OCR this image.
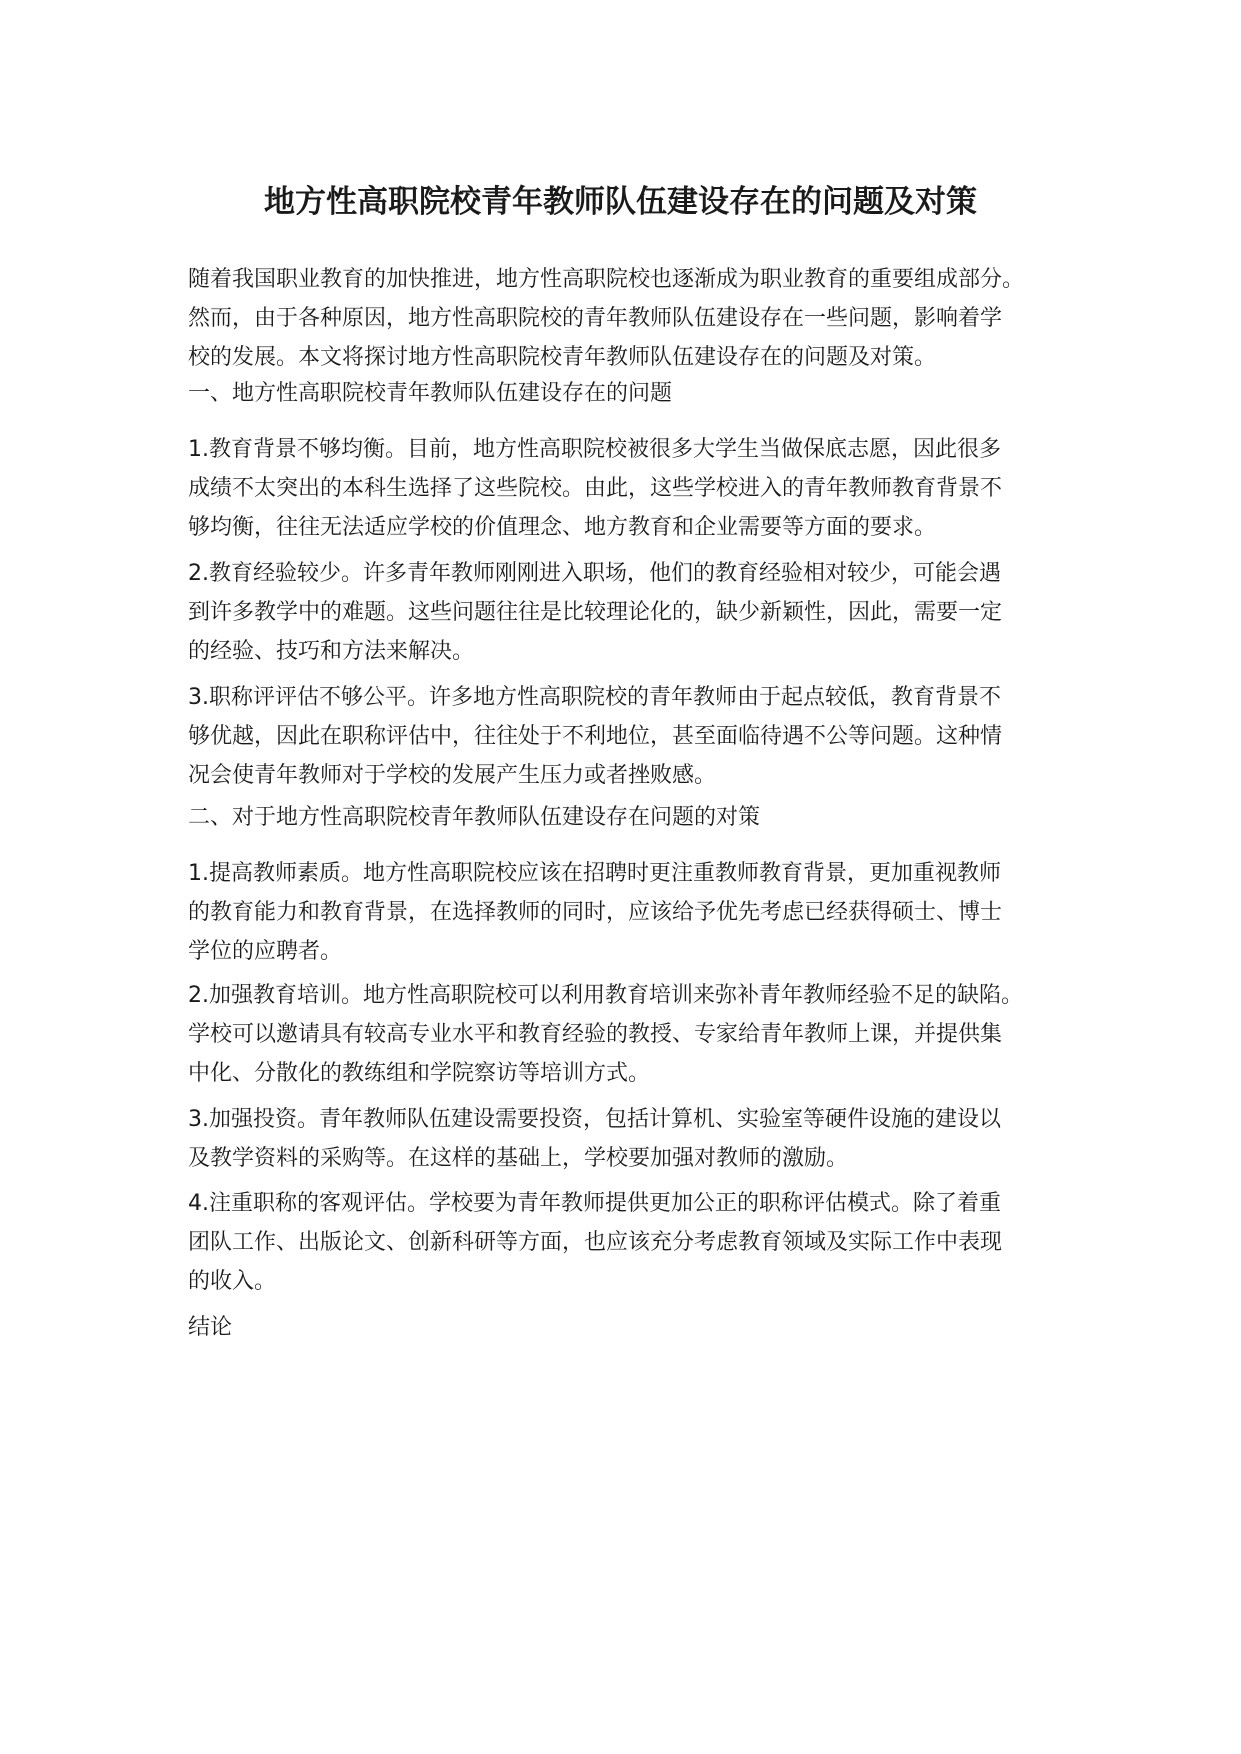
地方性高职院校青年教师队伍建设存在的问题及对策
随着我国职业教育的加快推进，地方性高职院校也逐渐成为职业教育的重要组成部分。
然而，由于各种原因，地方性高职院校的青年教师队伍建设存在一些问题，影响着学
校的发展。本文将探讨地方性高职院校青年教师队伍建设存在的问题及对策。
一、地方性高职院校青年教师队伍建设存在的问题
1.教育背景不够均衡。目前，地方性高职院校被很多大学生当做保底志愿，因此很多
成绩不太突出的本科生选择了这些院校。由此，这些学校进入的青年教师教育背景不
够均衡，往往无法适应学校的价值理念、地方教育和企业需要等方面的要求。
2.教育经验较少。许多青年教师刚刚进入职场，他们的教育经验相对较少，可能会遇
到许多教学中的难题。这些问题往往是比较理论化的，缺少新颖性，因此，需要一定
的经验、技巧和方法来解决。
3.职称评评估不够公平。许多地方性高职院校的青年教师由于起点较低，教育背景不
够优越，因此在职称评估中，往往处于不利地位，甚至面临待遇不公等问题。这种情
况会使青年教师对于学校的发展产生压力或者挫败感。
二、对于地方性高职院校青年教师队伍建设存在问题的对策
1.提高教师素质。地方性高职院校应该在招聘时更注重教师教育背景，更加重视教师
的教育能力和教育背景，在选择教师的同时，应该给予优先考虑已经获得硕士、博士
学位的应聘者。
2.加强教育培训。地方性高职院校可以利用教育培训来弥补青年教师经验不足的缺陷。
学校可以邀请具有较高专业水平和教育经验的教授、专家给青年教师上课，并提供集
中化、分散化的教练组和学院察访等培训方式。
3.加强投资。青年教师队伍建设需要投资，包括计算机、实验室等硬件设施的建设以
及教学资料的采购等。在这样的基础上，学校要加强对教师的激励。
4.注重职称的客观评估。学校要为青年教师提供更加公正的职称评估模式。除了着重
团队工作、出版论文、创新科研等方面，也应该充分考虑教育领域及实际工作中表现
的收入。
结论
